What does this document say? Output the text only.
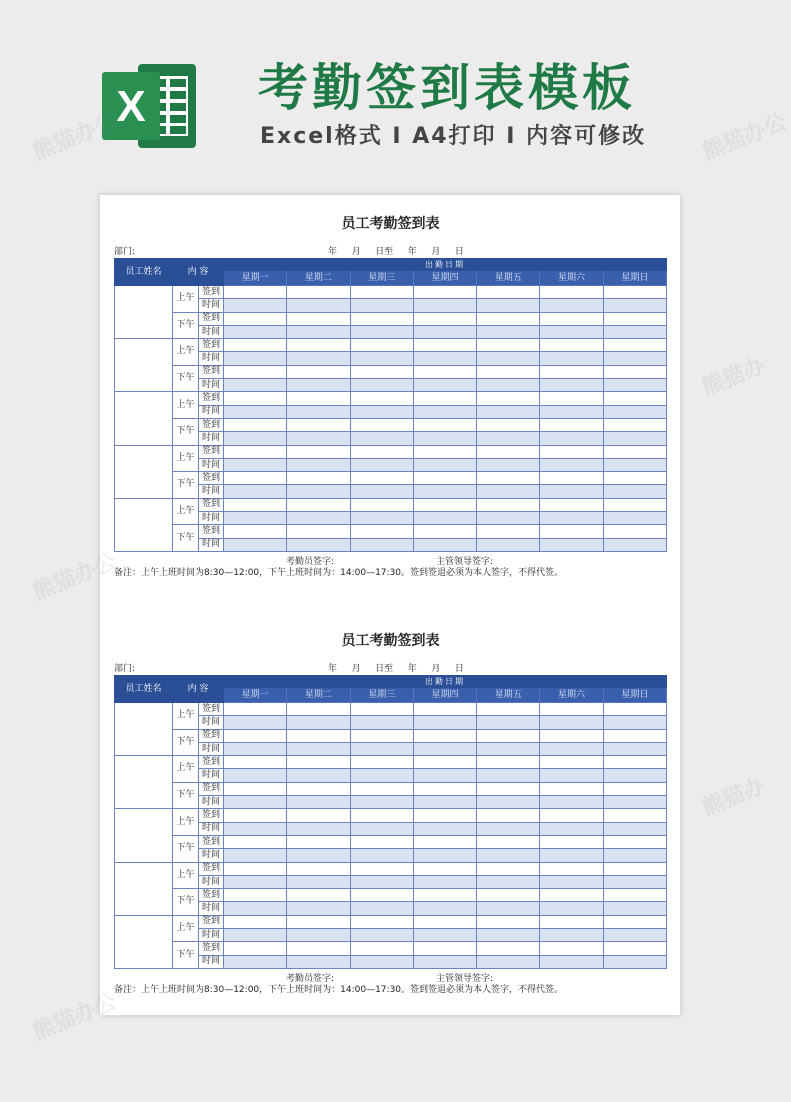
X 考勤签到表模板
Excel格式 I A4打印 I 内容可修改
员工考勤签到表
部门:	年   月   日至   年   月   日
员工姓名	内 容		出勤日期						
			星期一	星期二	星期三	星期四	星期五	星期六	星期日
	上午	签到							
		时间							
	下午	签到							
		时间							
	上午	签到							
		时间							
	下午	签到							
		时间							
	上午	签到							
		时间							
	下午	签到							
		时间							
	上午	签到							
		时间							
	下午	签到							
		时间							
	上午	签到							
		时间							
	下午	签到							
		时间							
考勤员签字:	主管领导签字:
备注：上午上班时间为8:30—12:00，下午上班时间为：14:00—17:30。签到签退必须为本人签字，不得代签。
员工考勤签到表
部门:	年   月   日至   年   月   日
员工姓名	内 容		出勤日期						
			星期一	星期二	星期三	星期四	星期五	星期六	星期日
	上午	签到							
		时间							
	下午	签到							
		时间							
	上午	签到							
		时间							
	下午	签到							
		时间							
	上午	签到							
		时间							
	下午	签到							
		时间							
	上午	签到							
		时间							
	下午	签到							
		时间							
	上午	签到							
		时间							
	下午	签到							
		时间							
考勤员签字:	主管领导签字:
备注：上午上班时间为8:30—12:00，下午上班时间为：14:00—17:30。签到签退必须为本人签字，不得代签。
熊猫办公	熊猫办公
熊猫办公
熊猫办
熊猫办公
熊猫办
